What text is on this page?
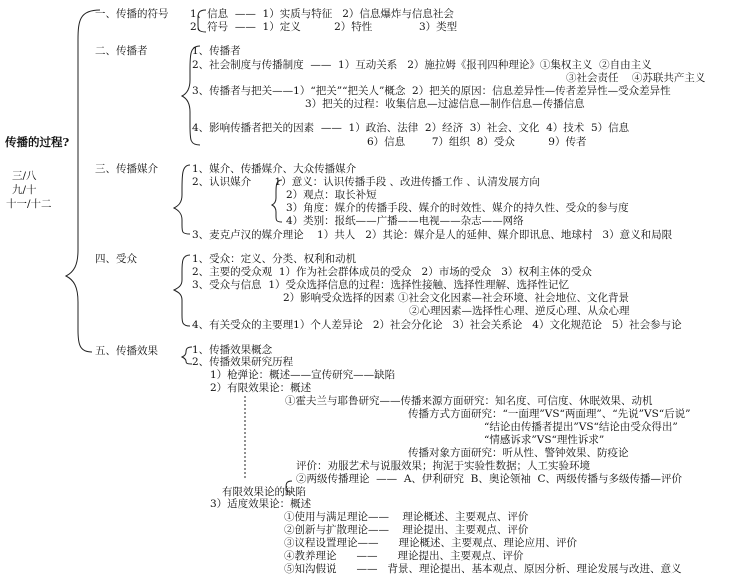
传播的过程?
三/八
九/十
十一/十二
一、传播的符号 1、信息  ——  1）实质与特征   2）信息爆炸与信息社会
2、符号  ——  1）定义          2）特性              3）类型
二、传播者	1、传播者
2、社会制度与传播制度  ——  1）互动关系   2）施拉姆《报刊四种理论》①集权主义  ②自由主义
③社会责任    ④苏联共产主义
3、传播者与把关——1）“把关”“把关人”概念  2）把关的原因：信息差异性—传者差异性—受众差异性
3）把关的过程：收集信息—过滤信息—制作信息—传播信息
4、影响传播者把关的因素  ——  1）政治、法律  2）经济  3）社会、文化  4）技术  5）信息
6）信息        7）组织  8）受众          9）传者
三、传播媒介	1、媒介、传播媒介、大众传播媒介
2、认识媒介       1）意义：认识传播手段 、改进传播工作 、认清发展方向
2）观点：取长补短
3）角度：媒介的传播手段、媒介的时效性、媒介的持久性、受众的参与度
4）类别：报纸——广播——电视——杂志——网络
3、麦克卢汉的媒介理论    1）共人   2）其论：媒介是人的延伸、媒介即讯息、地球村   3）意义和局限
四、受众	1、受众：定义、分类、权利和动机
2、主要的受众观  1）作为社会群体成员的受众   2）市场的受众   3）权利主体的受众
3、受众与信息  1）受众选择信息的过程：选择性接触、选择性理解、选择性记忆
2）影响受众选择的因素 ①社会文化因素—社会环境、社会地位、文化背景
②心理因素—选择性心理、逆反心理、从众心理
4、有关受众的主要理1）个人差异论   2）社会分化论   3）社会关系论   4）文化规范论   5）社会参与论
五、传播效果	1、传播效果概念
2、传播效果研究历程
1）枪弹论：概述——宣传研究——缺陷
2）有限效果论：概述
①霍夫兰与耶鲁研究——传播来源方面研究：知名度、可信度、休眠效果、动机
传播方式方面研究：“一面理”VS“两面理”、“先说”VS“后说”
“结论由传播者提出”VS“结论由受众得出”
“情感诉求”VS“理性诉求”
传播对象方面研究：听从性、警钟效果、防疫论
评价：劝服艺术与说服效果；拘泥于实验性数据；人工实验环境
②两级传播理论  ——  A、伊利研究  B、奥论领袖  C、两级传播与多级传播—评价
有限效果论的缺陷
3）适度效果论：概述
①使用与满足理论——    理论概述、主要观点、评价
②创新与扩散理论——    理论提出、主要观点、评价
③议程设置理论——      理论概述、主要观点、理论应用、评价
④教养理论      ——      理论提出、主要观点、评价
⑤知沟假说      ——   背景、理论提出、基本观点、原因分析、理论发展与改进、意义
